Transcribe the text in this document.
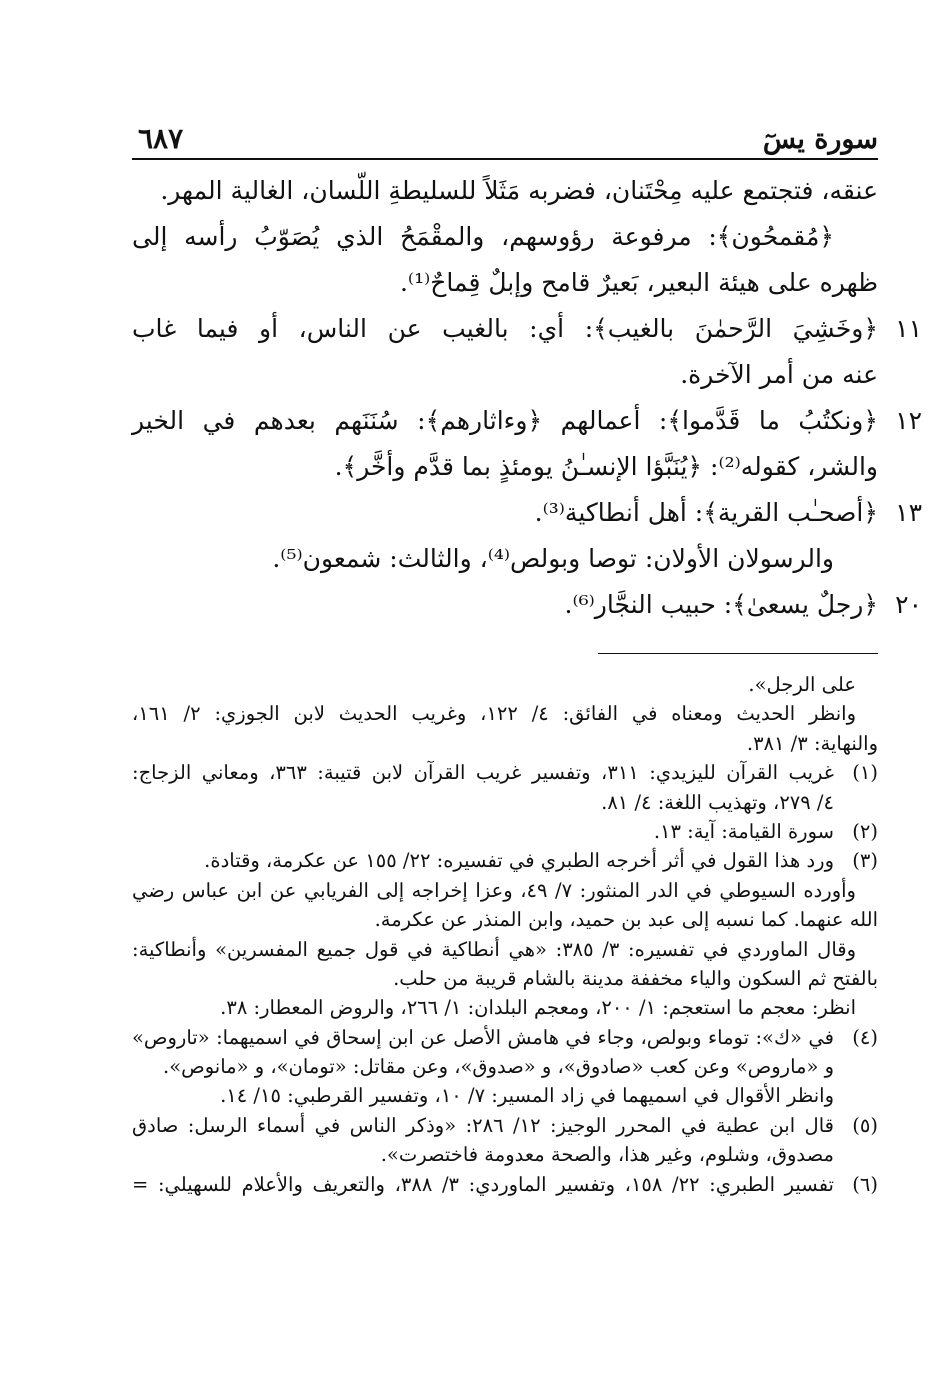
سورة يسٓ
٦٨٧
عنقه، فتجتمع عليه مِحْتَنان، فضربه مَثَلاً للسليطةِ اللّسان، الغالية المهر.
﴿مُقمحُون﴾: مرفوعة رؤوسهم، والمقْمَحُ الذي يُصَوّبُ رأسه إلى
ظهره على هيئة البعير، بَعيرٌ قامح وإبلٌ قِماحٌ⁽¹⁾.
١١
﴿وخَشِيَ الرَّحمٰنَ بالغيب﴾: أي: بالغيب عن الناس، أو فيما غاب
عنه من أمر الآخرة.
١٢
﴿ونكتُبُ ما قَدَّموا﴾: أعمالهم ﴿وءاثارهم﴾: سُنَنَهم بعدهم في الخير
والشر، كقوله⁽²⁾: ﴿يُنَبَّؤا الإنسـٰنُ يومئذٍ بما قدَّم وأخَّر﴾.
١٣
﴿أصحـٰب القرية﴾: أهل أنطاكية⁽³⁾.
والرسولان الأولان: توصا وبولص⁽⁴⁾، والثالث: شمعون⁽⁵⁾.
٢٠
﴿رجلٌ يسعىٰ﴾: حبيب النجَّار⁽⁶⁾.
على الرجل».
وانظر الحديث ومعناه في الفائق: ٤/ ١٢٢، وغريب الحديث لابن الجوزي: ٢/ ١٦١،
والنهاية: ٣/ ٣٨١.
(١)
غريب القرآن لليزيدي: ٣١١، وتفسير غريب القرآن لابن قتيبة: ٣٦٣، ومعاني الزجاج:
٤/ ٢٧٩، وتهذيب اللغة: ٤/ ٨١.
(٢)
سورة القيامة: آية: ١٣.
(٣)
ورد هذا القول في أثر أخرجه الطبري في تفسيره: ٢٢/ ١٥٥ عن عكرمة، وقتادة.
وأورده السيوطي في الدر المنثور: ٧/ ٤٩، وعزا إخراجه إلى الفريابي عن ابن عباس رضي
الله عنهما. كما نسبه إلى عبد بن حميد، وابن المنذر عن عكرمة.
وقال الماوردي في تفسيره: ٣/ ٣٨٥: «هي أنطاكية في قول جميع المفسرين» وأنطاكية:
بالفتح ثم السكون والياء مخففة مدينة بالشام قريبة من حلب.
انظر: معجم ما استعجم: ١/ ٢٠٠، ومعجم البلدان: ١/ ٢٦٦، والروض المعطار: ٣٨.
(٤)
في «ك»: توماء وبولص، وجاء في هامش الأصل عن ابن إسحاق في اسميهما: «تاروص»
و «ماروص» وعن كعب «صادوق»، و «صدوق»، وعن مقاتل: «تومان»، و «مانوص».
وانظر الأقوال في اسميهما في زاد المسير: ٧/ ١٠، وتفسير القرطبي: ١٥/ ١٤.
(٥)
قال ابن عطية في المحرر الوجيز: ١٢/ ٢٨٦: «وذكر الناس في أسماء الرسل: صادق
مصدوق، وشلوم، وغير هذا، والصحة معدومة فاختصرت».
(٦)
تفسير الطبري: ٢٢/ ١٥٨، وتفسير الماوردي: ٣/ ٣٨٨، والتعريف والأعلام للسهيلي: =
